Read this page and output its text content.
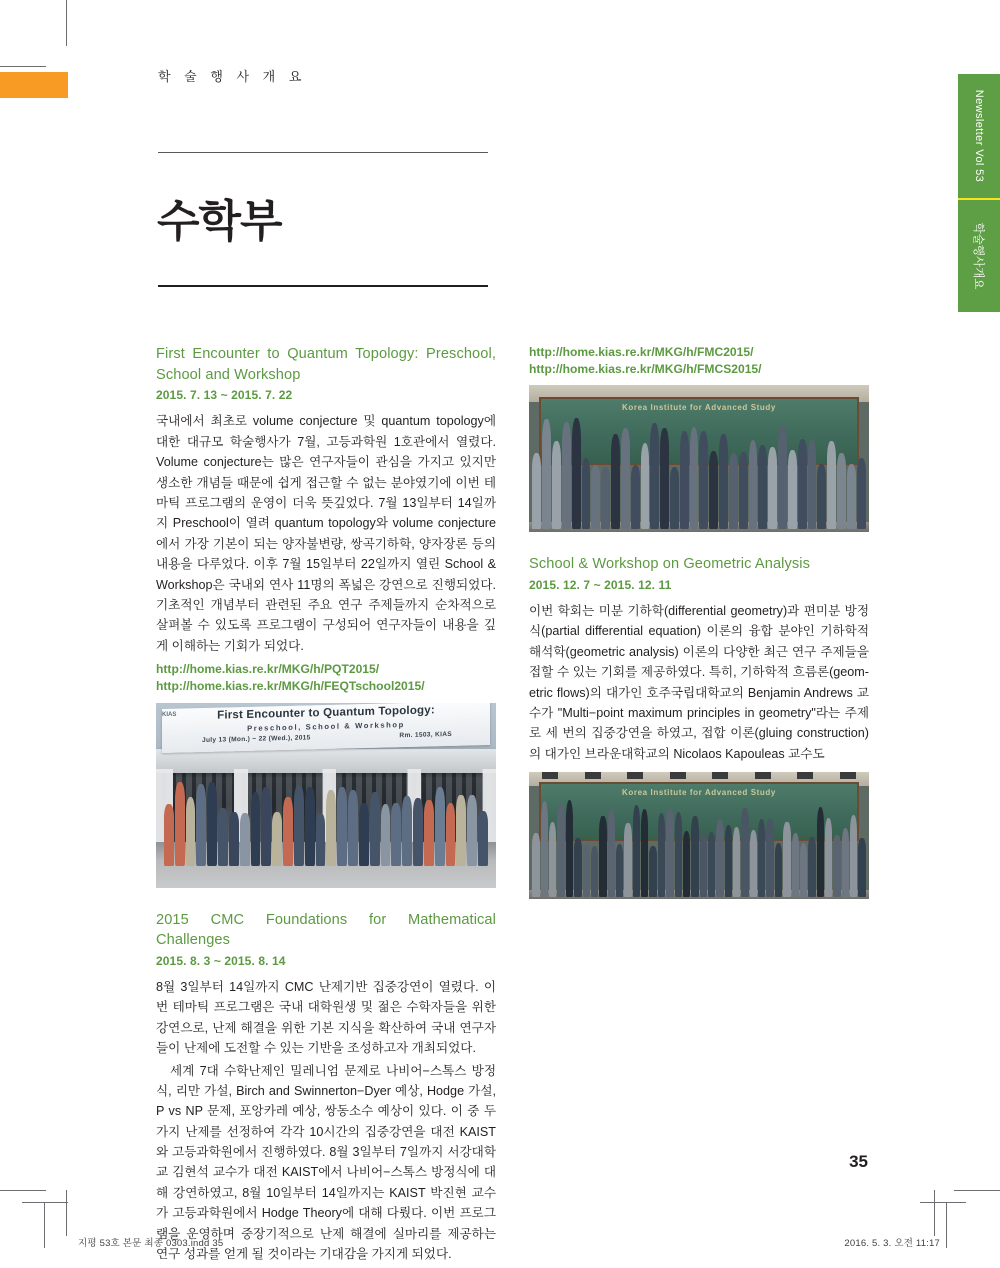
Newsletter Vol 53
학술행사개요
학 술 행 사 개 요
수학부
First Encounter to Quantum Topology: Preschool, School and Workshop
2015. 7. 13 ~ 2015. 7. 22

국내에서 최초로 volume conjecture 및 quantum topology에 대한 대규모 학술행사가 7월, 고등과학원 1호관에서 열렸다. Volume conjecture는 많은 연구자들이 관심을 가지고 있지만 생소한 개념들 때문에 쉽게 접근할 수 없는 분야였기에 이번 테마틱 프로그램의 운영이 더욱 뜻깊었다. 7월 13일부터 14일까지 Preschool이 열려 quantum topology와 volume conjecture에서 가장 기본이 되는 양자불변량, 쌍곡기하학, 양자장론 등의 내용을 다루었다. 이후 7월 15일부터 22일까지 열린 School & Workshop은 국내외 연사 11명의 폭넓은 강연으로 진행되었다. 기초적인 개념부터 관련된 주요 연구 주제들까지 순차적으로 살펴볼 수 있도록 프로그램이 구성되어 연구자들이 내용을 깊게 이해하는 기회가 되었다.

http://home.kias.re.kr/MKG/h/PQT2015/
http://home.kias.re.kr/MKG/h/FEQTschool2015/
First Encounter to Quantum Topology:
Preschool, School & Workshop
July 13 (Mon.) ~ 22 (Wed.), 2015	Rm. 1503, KIAS
KIAS
2015 CMC Foundations for Mathematical Challenges
2015. 8. 3 ~ 2015. 8. 14

8월 3일부터 14일까지 CMC 난제기반 집중강연이 열렸다. 이번 테마틱 프로그램은 국내 대학원생 및 젊은 수학자들을 위한 강연으로, 난제 해결을 위한 기본 지식을 확산하여 국내 연구자들이 난제에 도전할 수 있는 기반을 조성하고자 개최되었다.

세계 7대 수학난제인 밀레니엄 문제로 나비어−스톡스 방정식, 리만 가설, Birch and Swinnerton−Dyer 예상, Hodge 가설, P vs NP 문제, 포앙카레 예상, 쌍동소수 예상이 있다. 이 중 두 가지 난제를 선정하여 각각 10시간의 집중강연을 대전 KAIST와 고등과학원에서 진행하였다. 8월 3일부터 7일까지 서강대학교 김현석 교수가 대전 KAIST에서 나비어−스톡스 방정식에 대해 강연하였고, 8월 10일부터 14일까지는 KAIST 박진현 교수가 고등과학원에서 Hodge Theory에 대해 다뤘다. 이번 프로그램을 운영하며 중장기적으로 난제 해결에 실마리를 제공하는 연구 성과를 얻게 될 것이라는 기대감을 가지게 되었다.

http://home.kias.re.kr/MKG/h/FMC2015/
http://home.kias.re.kr/MKG/h/FMCS2015/
Korea Institute for Advanced Study
School & Workshop on Geometric Analysis
2015. 12. 7 ~ 2015. 12. 11

이번 학회는 미분 기하학(differential geometry)과 편미분 방정식(partial differential equation) 이론의 융합 분야인 기하학적 해석학(geometric analysis) 이론의 다양한 최근 연구 주제들을 접할 수 있는 기회를 제공하였다. 특히, 기하학적 흐름론(geom-etric flows)의 대가인 호주국립대학교의 Benjamin Andrews 교수가 "Multi−point maximum principles in geometry"라는 주제로 세 번의 집중강연을 하였고, 접합 이론(gluing construction)의 대가인 브라운대학교의 Nicolaos Kapouleas 교수도

Korea Institute for Advanced Study
35
지평 53호 본문 최종 0303.indd 35	2016. 5. 3. 오전 11:17
